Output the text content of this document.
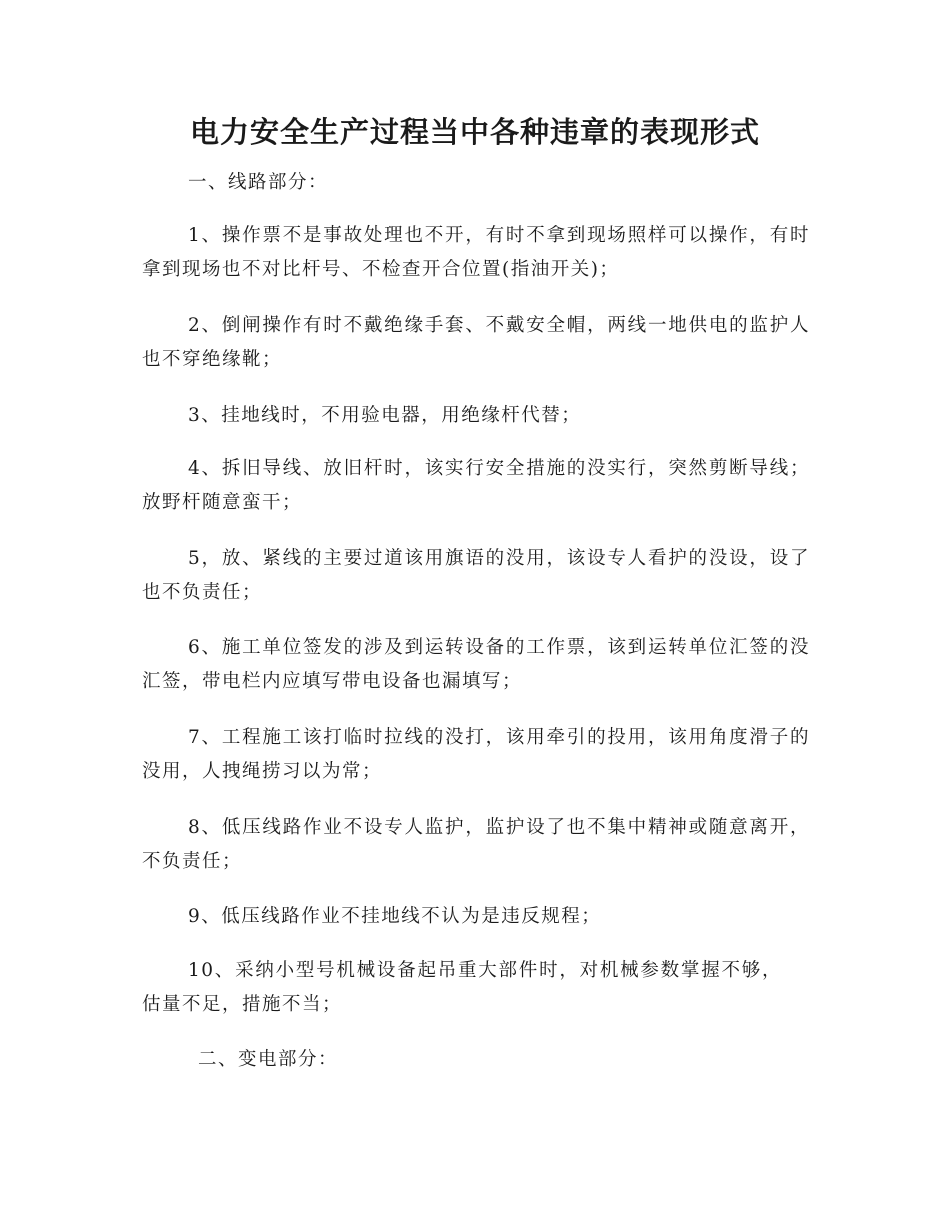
电力安全生产过程当中各种违章的表现形式
一、线路部分：
1、操作票不是事故处理也不开，有时不拿到现场照样可以操作，有时拿到现场也不对比杆号、不检查开合位置(指油开关)；
2、倒闸操作有时不戴绝缘手套、不戴安全帽，两线一地供电的监护人也不穿绝缘靴；
3、挂地线时，不用验电器，用绝缘杆代替；
4、拆旧导线、放旧杆时，该实行安全措施的没实行，突然剪断导线；放野杆随意蛮干；
5，放、紧线的主要过道该用旗语的没用，该设专人看护的没设，设了也不负责任；
6、施工单位签发的涉及到运转设备的工作票，该到运转单位汇签的没汇签，带电栏内应填写带电设备也漏填写；
7、工程施工该打临时拉线的没打，该用牵引的投用，该用角度滑子的没用，人拽绳捞习以为常；
8、低压线路作业不设专人监护，监护设了也不集中精神或随意离开，不负责任；
9、低压线路作业不挂地线不认为是违反规程；
10、采纳小型号机械设备起吊重大部件时，对机械参数掌握不够，估量不足，措施不当；
二、变电部分：
